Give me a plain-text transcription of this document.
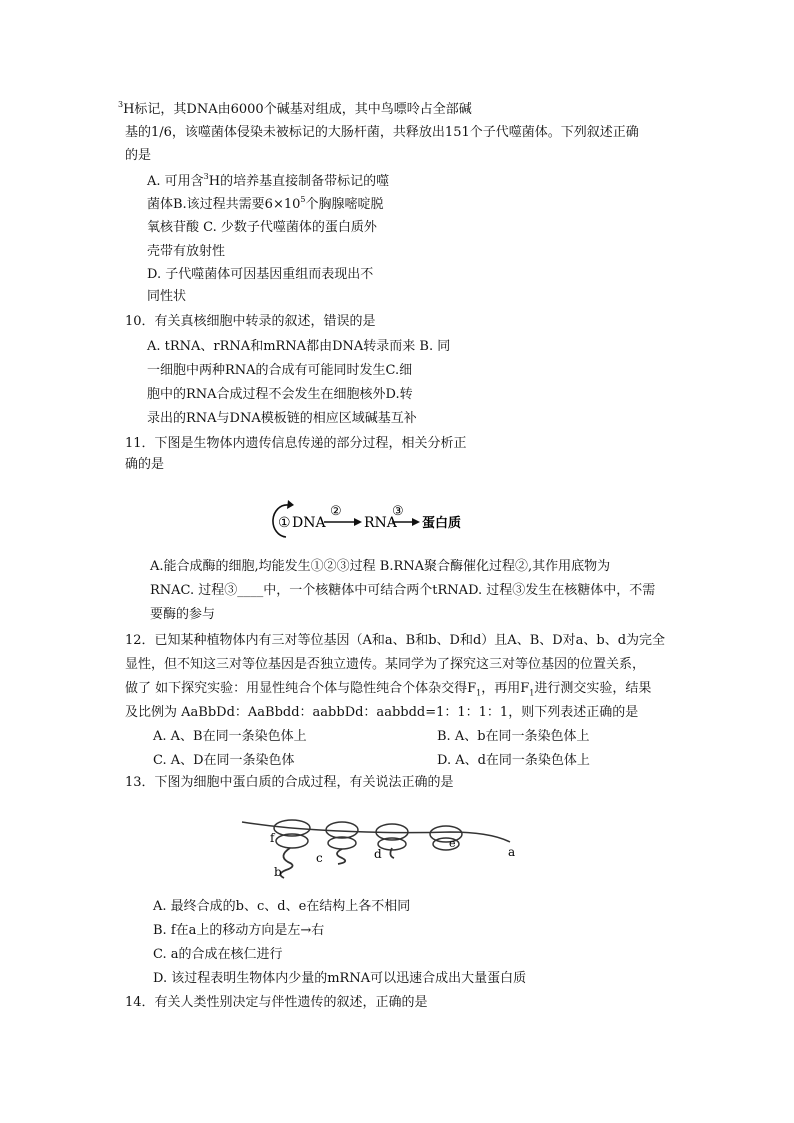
$^3$H标记，其DNA由6000个碱基对组成，其中鸟嘌呤占全部碱
基的1/6，该噬菌体侵染未被标记的大肠杆菌，共释放出151个子代噬菌体。下列叙述正确
的是
A. 可用含$^3$H的培养基直接制备带标记的噬
菌体B.该过程共需要$6\times 10^5$个胸腺嘧啶脱
氧核苷酸 C. 少数子代噬菌体的蛋白质外
壳带有放射性
D. 子代噬菌体可因基因重组而表现出不
同性状
10．有关真核细胞中转录的叙述，错误的是
A. tRNA、rRNA和mRNA都由DNA转录而来 B. 同
一细胞中两种RNA的合成有可能同时发生C.细
胞中的RNA合成过程不会发生在细胞核外D.转
录出的RNA与DNA模板链的相应区域碱基互补
11．下图是生物体内遗传信息传递的部分过程，相关分析正
确的是
① DNA
②
RNA
③
蛋白质
A.能合成酶的细胞,均能发生①②③过程 B.RNA聚合酶催化过程②,其作用底物为
RNAC. 过程③____中，一个核糖体中可结合两个tRNAD. 过程③发生在核糖体中，不需
要酶的参与
12．已知某种植物体内有三对等位基因（A和a、B和b、D和d）且A、B、D对a、b、d为完全
显性，但不知这三对等位基因是否独立遗传。某同学为了探究这三对等位基因的位置关系，
做了 如下探究实验：用显性纯合个体与隐性纯合个体杂交得$F_1$，再用$F_1$进行测交实验，结果
及比例为 AaBbDd：AaBbdd：aabbDd：aabbdd=1：1：1：1，则下列表述正确的是
A. A、B在同一条染色体上	B. A、b在同一条染色体上
C. A、D在同一条染色体	D. A、d在同一条染色体上
13．下图为细胞中蛋白质的合成过程，有关说法正确的是
f
b
c	d
e
a
A. 最终合成的b、c、d、e在结构上各不相同
B. f在a上的移动方向是左→右
C. a的合成在核仁进行
D. 该过程表明生物体内少量的mRNA可以迅速合成出大量蛋白质
14．有关人类性别决定与伴性遗传的叙述，正确的是
